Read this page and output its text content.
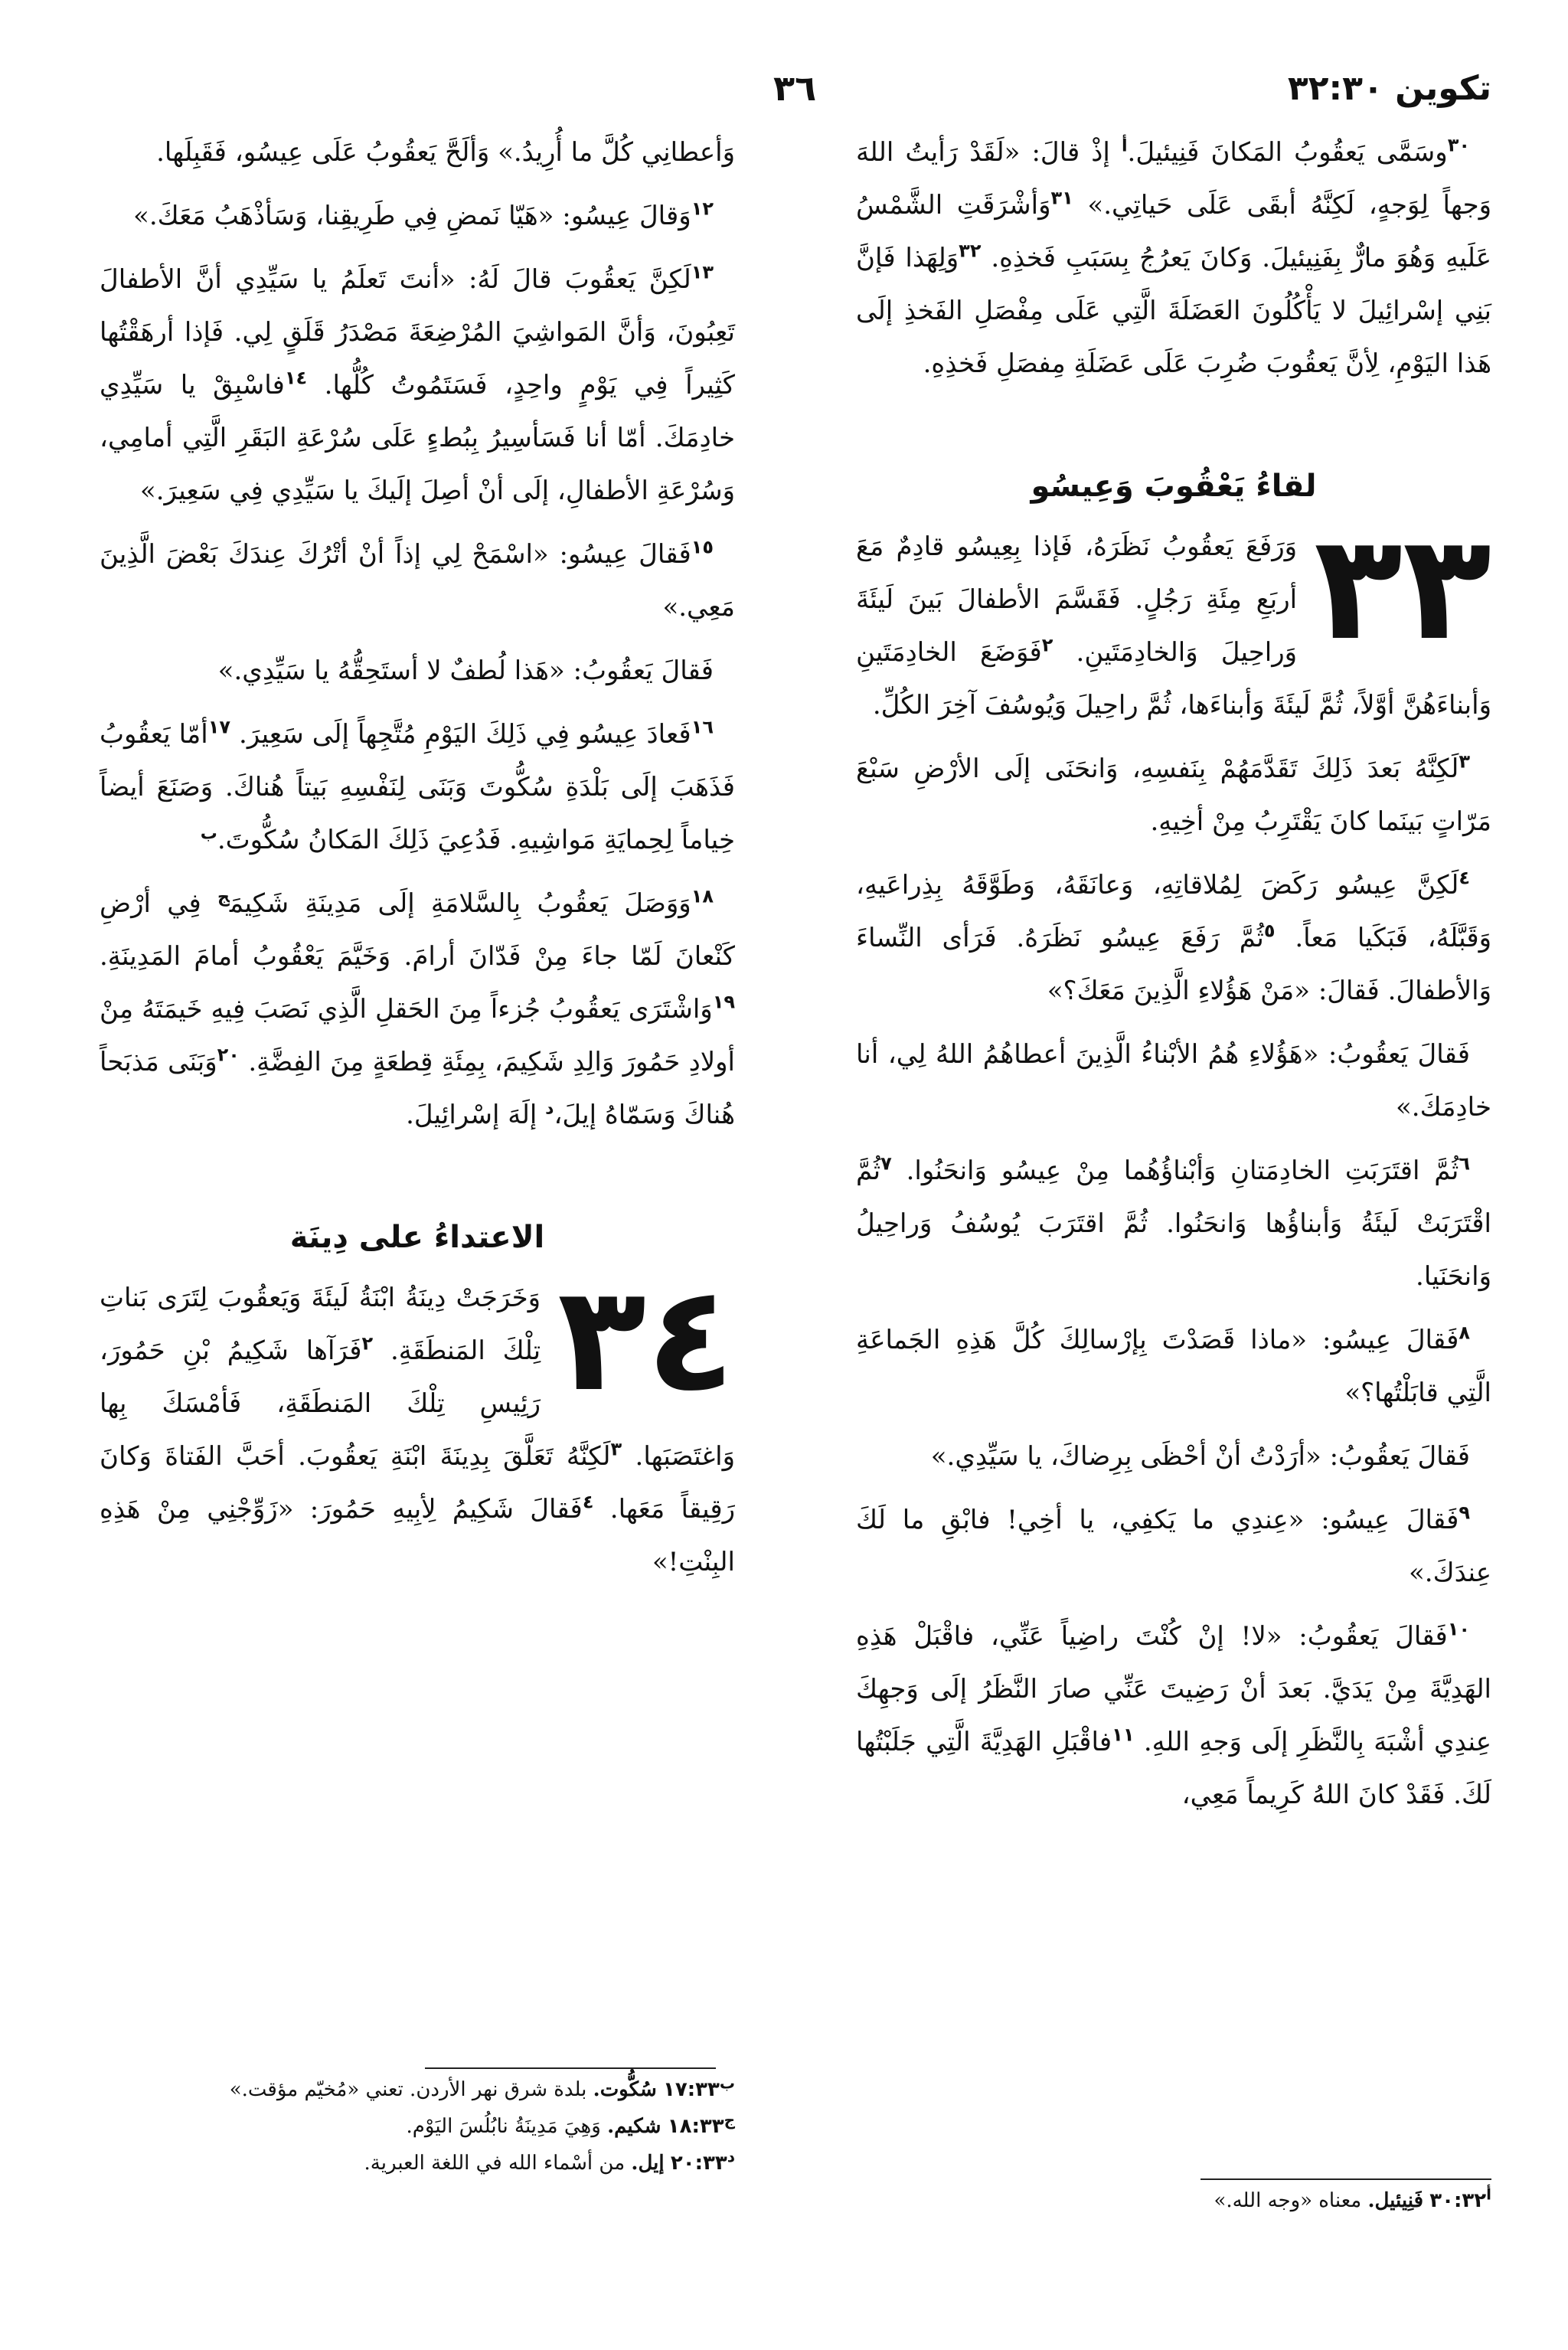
تكوين ٣٢:٣٠
٣٦

$^{٣٠}$وسَمَّى يَعقُوبُ المَكانَ فَنِيئيلَ.$^أ$ إذْ قالَ: «لَقَدْ رَأيتُ اللهَ وَجهاً لِوَجهٍ، لَكِنَّهُ أبقَى عَلَى حَياتِي.» $^{٣١}$وَأشْرَقَتِ الشَّمْسُ عَلَيهِ وَهُوَ مارٌّ بِفَنِيئيلَ. وَكانَ يَعرُجُ بِسَبَبِ فَخذِهِ. $^{٣٢}$وَلِهَذا فَإنَّ بَنِي إسْرائِيلَ لا يَأْكُلُونَ العَضَلَةَ الَّتِي عَلَى مِفْصَلِ الفَخذِ إلَى هَذا اليَوْمِ، لِأنَّ يَعقُوبَ ضُرِبَ عَلَى عَضَلَةِ مِفصَلِ فَخذِهِ.

لقاءُ يَعْقُوبَ وَعِيسُو
٣٣

وَرَفَعَ يَعقُوبُ نَظَرَهُ، فَإذا بِعِيسُو قادِمٌ مَعَ أربَعِ مِئَةِ رَجُلٍ. فَقَسَّمَ الأطفالَ بَينَ لَيئَةَ وَراحِيلَ وَالخادِمَتَينِ. $^٢$فَوَضَعَ الخادِمَتَينِ وَأبناءَهُنَّ أوَّلاً، ثُمَّ لَيئَةَ وَأبناءَها، ثُمَّ راحِيلَ وَيُوسُفَ آخِرَ الكُلِّ.

$^٣$لَكِنَّهُ بَعدَ ذَلِكَ تَقَدَّمَهُمْ بِنَفسِهِ، وَانحَنَى إلَى الأرْضِ سَبْعَ مَرّاتٍ بَينَما كانَ يَقْتَرِبُ مِنْ أخِيهِ.

$^٤$لَكِنَّ عِيسُو رَكَضَ لِمُلاقاتِهِ، وَعانَقَهُ، وَطَوَّقَهُ بِذِراعَيهِ، وَقَبَّلَهُ، فَبَكَيا مَعاً. $^٥$ثُمَّ رَفَعَ عِيسُو نَظَرَهُ. فَرَأى النِّساءَ وَالأطفالَ. فَقالَ: «مَنْ هَؤُلاءِ الَّذِينَ مَعَكَ؟»

فَقالَ يَعقُوبُ: «هَؤُلاءِ هُمُ الأبْناءُ الَّذِينَ أعطاهُمُ اللهُ لِي، أنا خادِمَكَ.»

$^٦$ثُمَّ اقتَرَبَتِ الخادِمَتانِ وَأبْناؤُهُما مِنْ عِيسُو وَانحَنُوا. $^٧$ثُمَّ اقْتَرَبَتْ لَيئَةُ وَأبناؤُها وَانحَنُوا. ثُمَّ اقتَرَبَ يُوسُفُ وَراحِيلُ وَانحَنَيا.

$^٨$فَقالَ عِيسُو: «ماذا قَصَدْتَ بِإرْسالِكَ كُلَّ هَذِهِ الجَماعَةِ الَّتِي قابَلْتُها؟»

فَقالَ يَعقُوبُ: «أرَدْتُ أنْ أحْظَى بِرِضاكَ، يا سَيِّدِي.»

$^٩$فَقالَ عِيسُو: «عِندِي ما يَكفِي، يا أخِي! فابْقِ ما لَكَ عِندَكَ.»

$^{١٠}$فَقالَ يَعقُوبُ: «لا! إنْ كُنْتَ راضِياً عَنِّي، فاقْبَلْ هَذِهِ الهَدِيَّةَ مِنْ يَدَيَّ. بَعدَ أنْ رَضِيتَ عَنِّي صارَ النَّظَرُ إلَى وَجهِكَ عِندِي أشْبَهَ بِالنَّظَرِ إلَى وَجهِ اللهِ. $^{١١}$فاقْبَلِ الهَدِيَّةَ الَّتِي جَلَبْتُها لَكَ. فَقَدْ كانَ اللهُ كَرِيماً مَعِي،

وَأعطانِي كُلَّ ما أُرِيدُ.» وَألَحَّ يَعقُوبُ عَلَى عِيسُو، فَقَبِلَها.

$^{١٢}$وَقالَ عِيسُو: «هَيّا نَمضِ فِي طَرِيقِنا، وَسَأذْهَبُ مَعَكَ.»

$^{١٣}$لَكِنَّ يَعقُوبَ قالَ لَهُ: «أنتَ تَعلَمُ يا سَيِّدِي أنَّ الأطفالَ تَعِبُونَ، وَأنَّ المَواشِيَ المُرْضِعَةَ مَصْدَرُ قَلَقٍ لِي. فَإذا أرهَقْتُها كَثِيراً فِي يَوْمٍ واحِدٍ، فَسَتَمُوتُ كُلُّها. $^{١٤}$فاسْبِقْ يا سَيِّدِي خادِمَكَ. أمّا أنا فَسَأسِيرُ بِبُطءٍ عَلَى سُرْعَةِ البَقَرِ الَّتِي أمامِي، وَسُرْعَةِ الأطفالِ، إلَى أنْ أصِلَ إلَيكَ يا سَيِّدِي فِي سَعِيرَ.»

$^{١٥}$فَقالَ عِيسُو: «اسْمَحْ لِي إذاً أنْ أتْرُكَ عِندَكَ بَعْضَ الَّذِينَ مَعِي.»

فَقالَ يَعقُوبُ: «هَذا لُطفٌ لا أستَحِقُّهُ يا سَيِّدِي.»

$^{١٦}$فَعادَ عِيسُو فِي ذَلِكَ اليَوْمِ مُتَّجِهاً إلَى سَعِيرَ. $^{١٧}$أمّا يَعقُوبُ فَذَهَبَ إلَى بَلْدَةِ سُكُّوتَ وَبَنَى لِنَفْسِهِ بَيتاً هُناكَ. وَصَنَعَ أيضاً خِياماً لِحِمايَةِ مَواشِيهِ. فَدُعِيَ ذَلِكَ المَكانُ سُكُّوتَ.$^ب$

$^{١٨}$وَوَصَلَ يَعقُوبُ بِالسَّلامَةِ إلَى مَدِينَةِ شَكِيمَ$^ج$ فِي أرْضِ كَنْعانَ لَمّا جاءَ مِنْ فَدّانَ أرامَ. وَخَيَّمَ يَعْقُوبُ أمامَ المَدِينَةِ. $^{١٩}$وَاشْتَرَى يَعقُوبُ جُزءاً مِنَ الحَقلِ الَّذِي نَصَبَ فِيهِ خَيمَتَهُ مِنْ أولادِ حَمُورَ وَالِدِ شَكِيمَ، بِمِئَةِ قِطعَةٍ مِنَ الفِضَّةِ. $^{٢٠}$وَبَنَى مَذبَحاً هُناكَ وَسَمّاهُ إيلَ،$^د$ إلَهَ إسْرائِيلَ.

الاعتداءُ على دِينَة
٣٤

وَخَرَجَتْ دِينَةُ ابْنَةُ لَيئَةَ وَيَعقُوبَ لِتَرَى بَناتِ تِلْكَ المَنطَقَةِ. $^٢$فَرَآها شَكِيمُ بْنِ حَمُورَ، رَئِيسِ تِلْكَ المَنطَقَةِ، فَأمْسَكَ بِها وَاغتَصَبَها. $^٣$لَكِنَّهُ تَعَلَّقَ بِدِينَةَ ابْنَةِ يَعقُوبَ. أحَبَّ الفَتاةَ وَكانَ رَقِيقاً مَعَها. $^٤$فَقالَ شَكِيمُ لِأبِيهِ حَمُورَ: «زَوِّجْنِي مِنْ هَذِهِ البِنْتِ!»

$^أ$٣٠:٣٢ فَنِيئيل. معناه «وجه الله.»
$^ب$١٧:٣٣ سُكُّوت. بلدة شرق نهر الأردن. تعني «مُخيّم مؤقت.»
$^ج$١٨:٣٣ شكيم. وَهِيَ مَدِينَةُ نابُلُسَ اليَوْم.
$^د$٢٠:٣٣ إيل. من أسْماء الله في اللغة العبرية.
